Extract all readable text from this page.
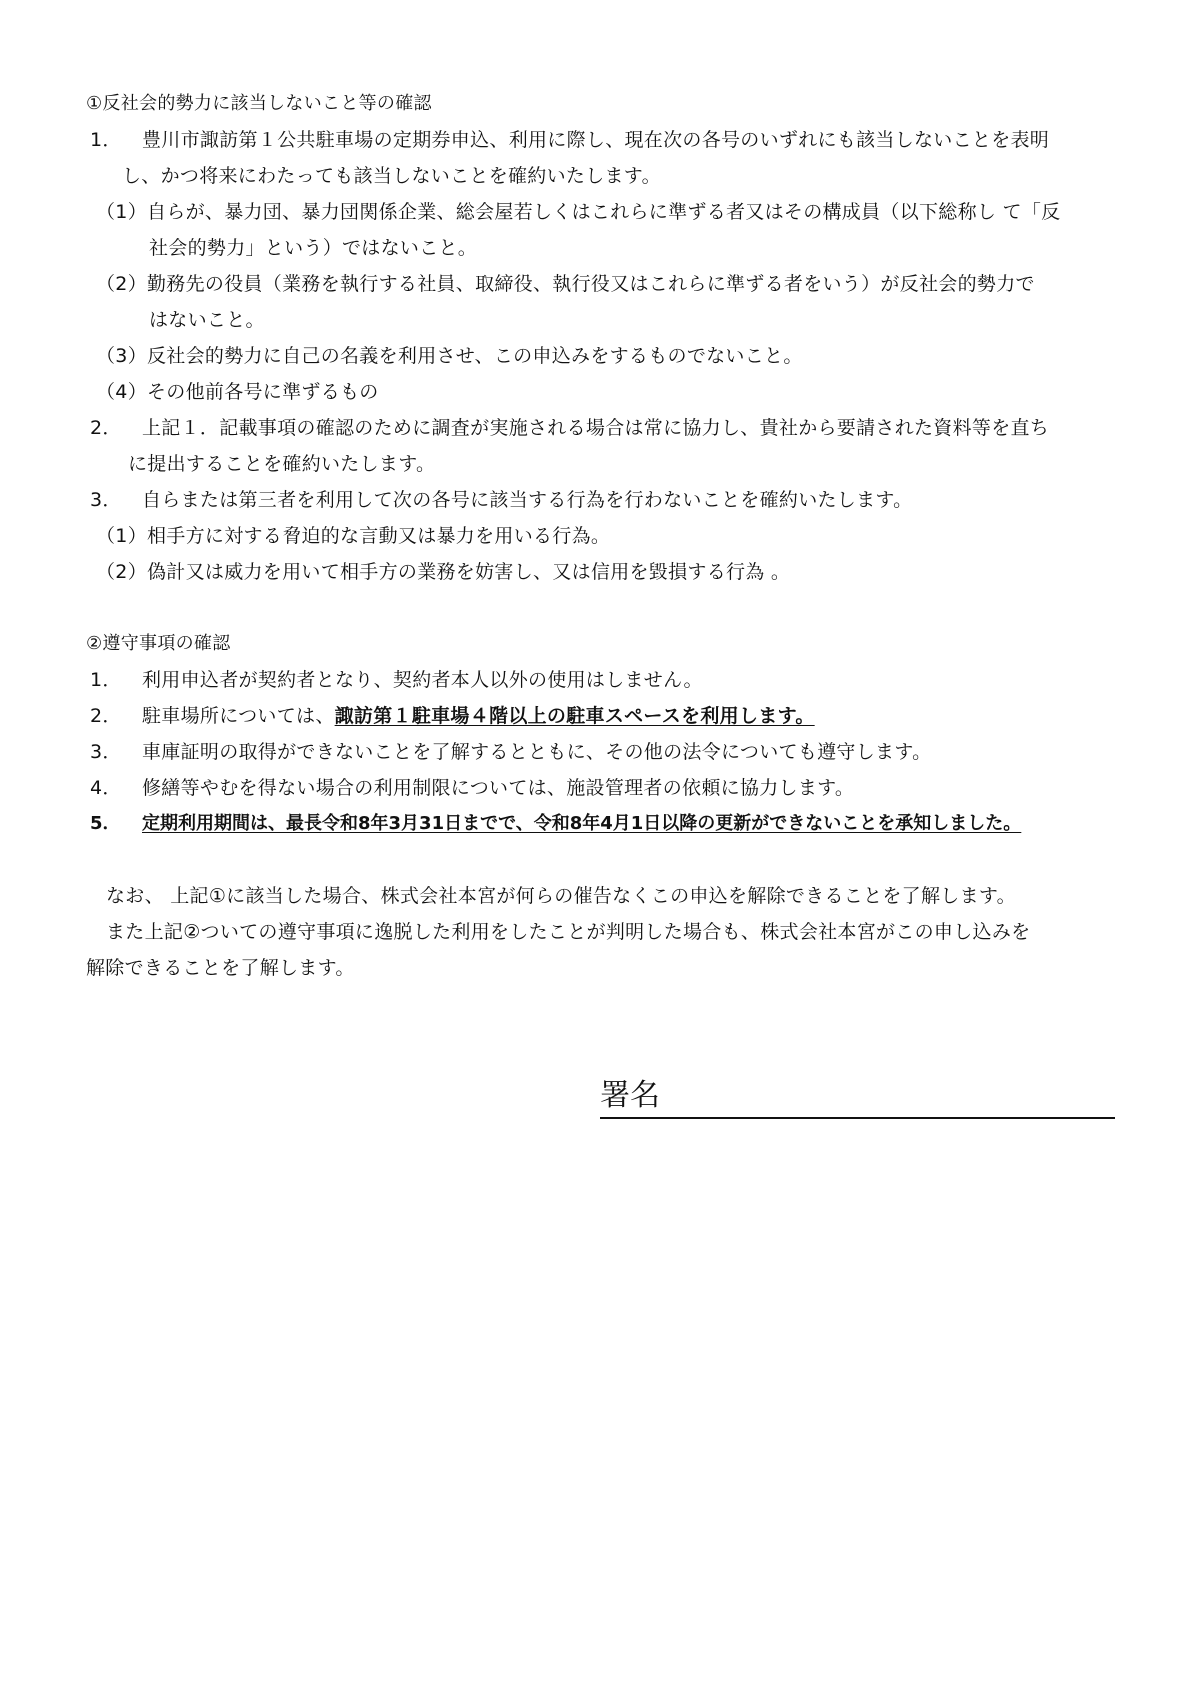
①反社会的勢力に該当しないこと等の確認
1． 豊川市諏訪第１公共駐車場の定期券申込、利用に際し、現在次の各号のいずれにも該当しないことを表明
し、かつ将来にわたっても該当しないことを確約いたします。
（1）自らが、暴力団、暴力団関係企業、総会屋若しくはこれらに準ずる者又はその構成員（以下総称し て「反
社会的勢力」という）ではないこと。
（2）勤務先の役員（業務を執行する社員、取締役、執行役又はこれらに準ずる者をいう）が反社会的勢力で
はないこと。
（3）反社会的勢力に自己の名義を利用させ、この申込みをするものでないこと。
（4）その他前各号に準ずるもの
2． 上記１．記載事項の確認のために調査が実施される場合は常に協力し、貴社から要請された資料等を直ち
に提出することを確約いたします。
3． 自らまたは第三者を利用して次の各号に該当する行為を行わないことを確約いたします。
（1）相手方に対する脅迫的な言動又は暴力を用いる行為。
（2）偽計又は威力を用いて相手方の業務を妨害し、又は信用を毀損する行為 。
②遵守事項の確認
1． 利用申込者が契約者となり、契約者本人以外の使用はしません。
2． 駐車場所については、諏訪第１駐車場４階以上の駐車スペースを利用します。
3． 車庫証明の取得ができないことを了解するとともに、その他の法令についても遵守します。
4． 修繕等やむを得ない場合の利用制限については、施設管理者の依頼に協力します。
5． 定期利用期間は、最長令和8年3月31日までで、令和8年4月1日以降の更新ができないことを承知しました。
なお、 上記①に該当した場合、株式会社本宮が何らの催告なくこの申込を解除できることを了解します。
また上記②ついての遵守事項に逸脱した利用をしたことが判明した場合も、株式会社本宮がこの申し込みを
解除できることを了解します。
署名
